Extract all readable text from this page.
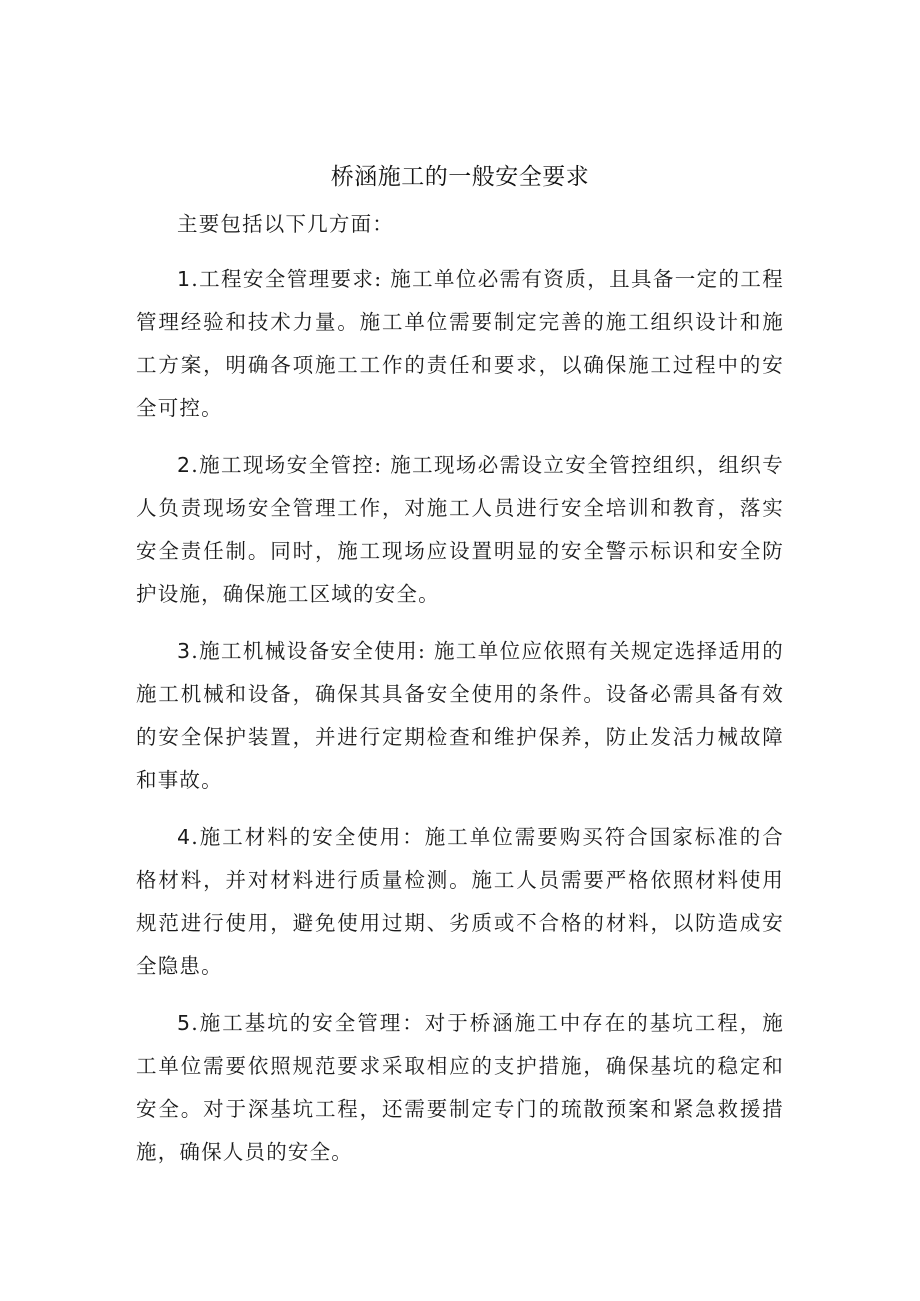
桥涵施工的一般安全要求

主要包括以下几方面：

1.工程安全管理要求: 施工单位必需有资质，且具备一定的工程管理经验和技术力量。施工单位需要制定完善的施工组织设计和施工方案，明确各项施工工作的责任和要求，以确保施工过程中的安全可控。

2.施工现场安全管控: 施工现场必需设立安全管控组织，组织专人负责现场安全管理工作，对施工人员进行安全培训和教育，落实安全责任制。同时，施工现场应设置明显的安全警示标识和安全防护设施，确保施工区域的安全。

3.施工机械设备安全使用: 施工单位应依照有关规定选择适用的施工机械和设备，确保其具备安全使用的条件。设备必需具备有效的安全保护装置，并进行定期检查和维护保养，防止发活力械故障和事故。

4.施工材料的安全使用：施工单位需要购买符合国家标准的合格材料，并对材料进行质量检测。施工人员需要严格依照材料使用规范进行使用，避免使用过期、劣质或不合格的材料，以防造成安全隐患。

5.施工基坑的安全管理：对于桥涵施工中存在的基坑工程，施工单位需要依照规范要求采取相应的支护措施，确保基坑的稳定和安全。对于深基坑工程，还需要制定专门的琉散预案和紧急救援措施，确保人员的安全。
